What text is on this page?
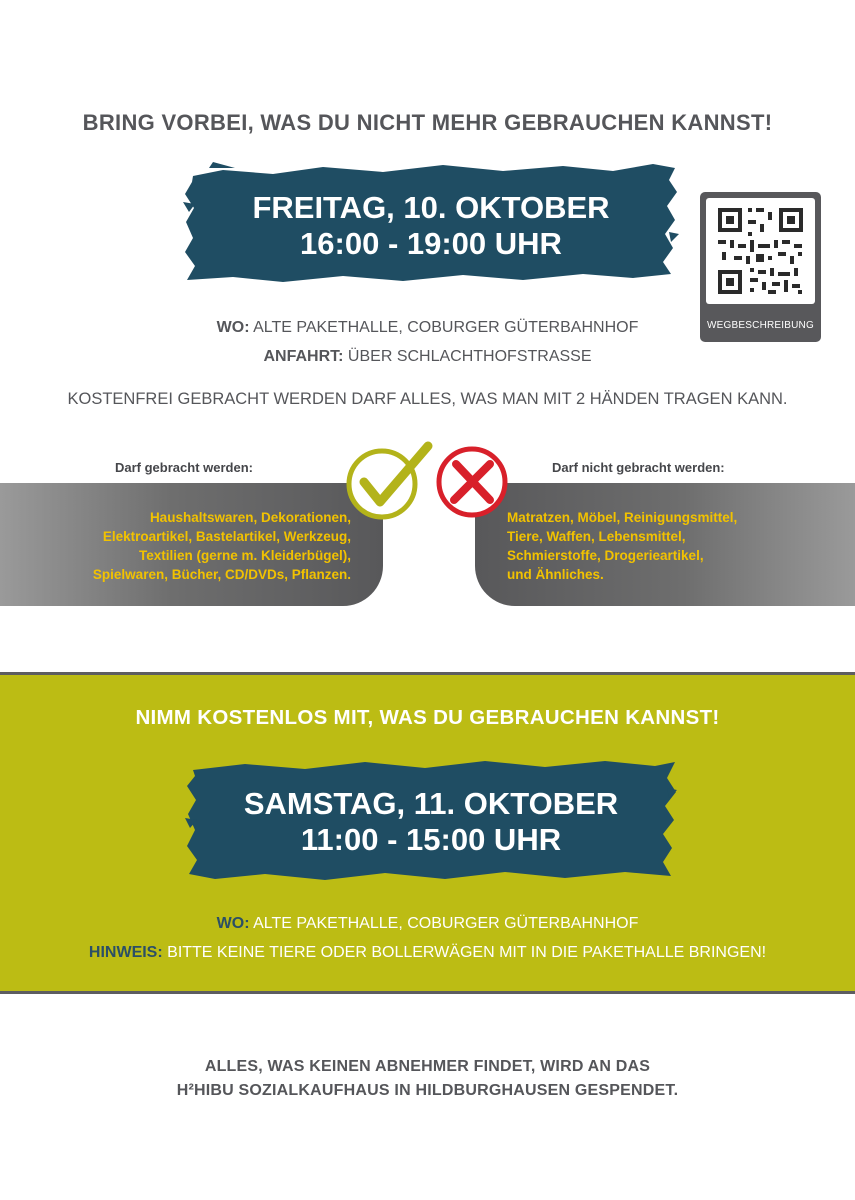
BRING VORBEI, WAS DU NICHT MEHR GEBRAUCHEN KANNST!
FREITAG, 10. OKTOBER
16:00 - 19:00 UHR
WEGBESCHREIBUNG
WO: ALTE PAKETHALLE, COBURGER GÜTERBAHNHOF
ANFAHRT: ÜBER SCHLACHTHOFSTRASSE
KOSTENFREI GEBRACHT WERDEN DARF ALLES, WAS MAN MIT 2 HÄNDEN TRAGEN KANN.
Darf gebracht werden:	Darf nicht gebracht werden:
Haushaltswaren, Dekorationen,
Elektroartikel, Bastelartikel, Werkzeug,
Textilien (gerne m. Kleiderbügel),
Spielwaren, Bücher, CD/DVDs, Pflanzen.
Matratzen, Möbel, Reinigungsmittel,
Tiere, Waffen, Lebensmittel,
Schmierstoffe, Drogerieartikel,
und Ähnliches.
NIMM KOSTENLOS MIT, WAS DU GEBRAUCHEN KANNST!
SAMSTAG, 11. OKTOBER
11:00 - 15:00 UHR
WO: ALTE PAKETHALLE, COBURGER GÜTERBAHNHOF
HINWEIS: BITTE KEINE TIERE ODER BOLLERWÄGEN MIT IN DIE PAKETHALLE BRINGEN!
ALLES, WAS KEINEN ABNEHMER FINDET, WIRD AN DAS
H²HIBU SOZIALKAUFHAUS IN HILDBURGHAUSEN GESPENDET.
